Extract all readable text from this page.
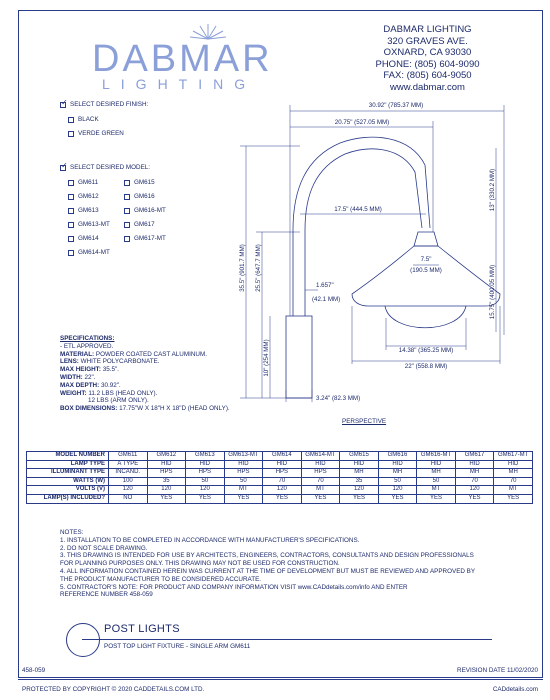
DABMAR
LIGHTING
DABMAR LIGHTING
320 GRAVES AVE.
OXNARD, CA 93030
PHONE: (805) 604-9090
FAX: (805) 604-9050
www.dabmar.com
✓
SELECT DESIRED FINISH:
BLACK
VERDE GREEN
✓
SELECT DESIRED MODEL:
GM611
GM612
GM613
GM613-MT
GM614
GM614-MT
GM615
GM616
GM616-MT
GM617
GM617-MT
30.92" (785.37 MM)
20.75" (527.05 MM)
17.5" (444.5 MM)
7.5"
(190.5 MM)
1.657"
(42.1 MM)
14.38" (365.25 MM)
22" (558.8 MM)
3.24" (82.3 MM)
35.5" (901.7 MM) 25.5" (647.7 MM)
10" (254 MM)
13" (330.2 MM)
15.75" (400.05 MM)
SPECIFICATIONS:
- ETL APPROVED.
MATERIAL: POWDER COATED CAST ALUMINUM.
LENS: WHITE POLYCARBONATE.
MAX HEIGHT: 35.5".
WIDTH: 22".
MAX DEPTH: 30.92".
WEIGHT: 11.2 LBS (HEAD ONLY).
12 LBS (ARM ONLY).
BOX DIMENSIONS: 17.75"W X 18"H X 18"D (HEAD ONLY).
PERSPECTIVE
MODEL NUMBER	GM611	GM612	GM613	GM613-MT	GM614	GM614-MT	GM615	GM616	GM616-MT	GM617	GM617-MT
LAMP TYPE	A TYPE	HID	HID	HID	HID	HID	HID	HID	HID	HID	HID
ILLUMINANT TYPE	INCAND.	HPS	HPS	HPS	HPS	HPS	MH	MH	MH	MH	MH
WATTS (W)	100	35	50	50	70	70	35	50	50	70	70
VOLTS (V)	120	120	120	MT	120	MT	120	120	MT	120	MT
LAMP(S) INCLUDED?	NO	YES	YES	YES	YES	YES	YES	YES	YES	YES	YES
NOTES:
1. INSTALLATION TO BE COMPLETED IN ACCORDANCE WITH MANUFACTURER'S SPECIFICATIONS.
2. DO NOT SCALE DRAWING.
3. THIS DRAWING IS INTENDED FOR USE BY ARCHITECTS, ENGINEERS, CONTRACTORS, CONSULTANTS AND DESIGN PROFESSIONALS
FOR PLANNING PURPOSES ONLY. THIS DRAWING MAY NOT BE USED FOR CONSTRUCTION.
4. ALL INFORMATION CONTAINED HEREIN WAS CURRENT AT THE TIME OF DEVELOPMENT BUT MUST BE REVIEWED AND APPROVED BY
THE PRODUCT MANUFACTURER TO BE CONSIDERED ACCURATE.
5. CONTRACTOR'S NOTE: FOR PRODUCT AND COMPANY INFORMATION VISIT www.CADdetails.com/info AND ENTER
REFERENCE NUMBER 458-059
POST LIGHTS
POST TOP LIGHT FIXTURE - SINGLE ARM GM611
458-059	REVISION DATE 11/02/2020
PROTECTED BY COPYRIGHT © 2020 CADDETAILS.COM LTD.	CADdetails.com
